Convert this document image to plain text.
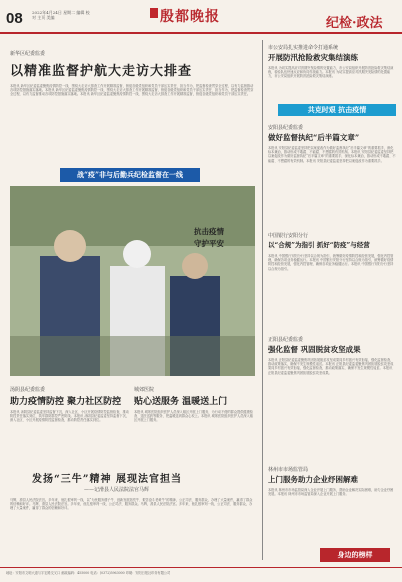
08 2022年4月24日 星期二 编辑 校对 主页 美编	殷都晚报	纪检·政法
新华区纪委监委
以精准监督护航大走访大排查
本报讯 新华区纪委监委聚焦疫情防控一线，围绕大走访大排查工作开展精准监督，督促各级党组织和党员干部压实责任、担当作为，把监督检查贯穿全过程，以有力监督推动各项防控措施落实落地。本报讯 新华区纪委监委聚焦疫情防控一线，围绕大走访大排查工作开展精准监督，督促各级党组织和党员干部压实责任、担当作为，把监督检查贯穿全过程，以有力监督推动各项防控措施落实落地。本报讯 新华区纪委监委聚焦疫情防控一线，围绕大走访大排查工作开展精准监督，督促各级党组织和党员干部压实责任。
战“疫”非与后勤兵纪检监督在一线
抗击疫情 守护平安
汤阴县纪委监委
助力疫情防控 聚力社区防控
本报讯 汤阴县纪委监委坚持监督下沉，深入社区、小区开展疫情防控监督检查，推动防控责任落实到位，筑牢群防群控严密防线。本报讯 汤阴县纪委监委坚持监督下沉，深入社区、小区开展疫情防控监督检查，推动防控责任落实到位。
城郊医院
贴心送服务 温暖送上门
本报讯 城郊医院组织医护人员深入辖区开展上门服务，为行动不便的群众提供健康检查、送医送药等服务，把温暖送到群众心坎上。本报讯 城郊医院组织医护人员深入辖区开展上门服务。
发扬“三牛”精神 展现法官担当
——记滑县人民法院法官马辉
马辉，滑县人民法院法官。多年来，他扎根审判一线，以“为民服务孺子牛、创新发展拓荒牛、艰苦奋斗老黄牛”的精神，公正司法、服务群众，办理了大量案件，赢得了群众的信赖和好评。马辉，滑县人民法院法官。多年来，他扎根审判一线，公正司法、服务群众。马辉，滑县人民法院法官。多年来，他扎根审判一线，公正司法、服务群众，办理了大量案件，赢得了群众的信赖和好评。
市公安局扎实推进命令打通系统
开展防汛抢险救灾集结演练
本报讯 为切实提高应对汛期突发险情的处置能力，市公安局组织开展防汛抢险救灾集结演练，检验队伍快速反应和协同作战能力。本报讯 为切实提高应对汛期突发险情的处置能力，市公安局组织开展防汛抢险救灾集结演练。
共克时艰 抗击疫情
安阳县纪委监委
做好监督执纪“后半篇文章”
本报讯 安阳县纪委监委坚持把以案促改作为做好监督执纪“后半篇文章”的重要抓手，深化标本兼治，推动形成不敢腐、不能腐、不想腐的有效机制。本报讯 安阳县纪委监委坚持把以案促改作为做好监督执纪“后半篇文章”的重要抓手，深化标本兼治，推动形成不敢腐、不能腐、不想腐的有效机制。本报讯 安阳县纪委监委坚持把以案促改作为重要抓手。
中国银行安阳分行
以“合规”为指引 抓好“防疫”与经营
本报讯 中国银行安阳分行坚持以合规为指引，统筹做好疫情防控和经营发展，强化内控管理，确保各项业务稳健运行。本报讯 中国银行安阳分行坚持以合规为指引，统筹做好疫情防控和经营发展，强化内控管理，确保各项业务稳健运行。本报讯 中国银行安阳分行坚持以合规为指引。
正阳县纪委监委
强化监督 巩固脱贫攻坚成果
本报讯 正阳县纪委监委聚焦巩固拓展脱贫攻坚成果同乡村振兴有效衔接，强化监督检查，推动政策落实，确保不发生规模性返贫。本报讯 正阳县纪委监委聚焦巩固拓展脱贫攻坚成果同乡村振兴有效衔接，强化监督检查，推动政策落实，确保不发生规模性返贫。本报讯 正阳县纪委监委聚焦巩固拓展脱贫攻坚成果。
林州市市场监管局
上门服务助力企业纾困解难
本报讯 林州市市场监管局深入企业开展上门服务，帮助企业解决实际困难，助力企业纾困发展。本报讯 林州市市场监管局深入企业开展上门服务。
身边的榜样
地址：安阳市文明大道与宇宏路交叉口 邮政编码：455000 电话：(0372)5963000 印刷：安阳日报社印务有限公司
